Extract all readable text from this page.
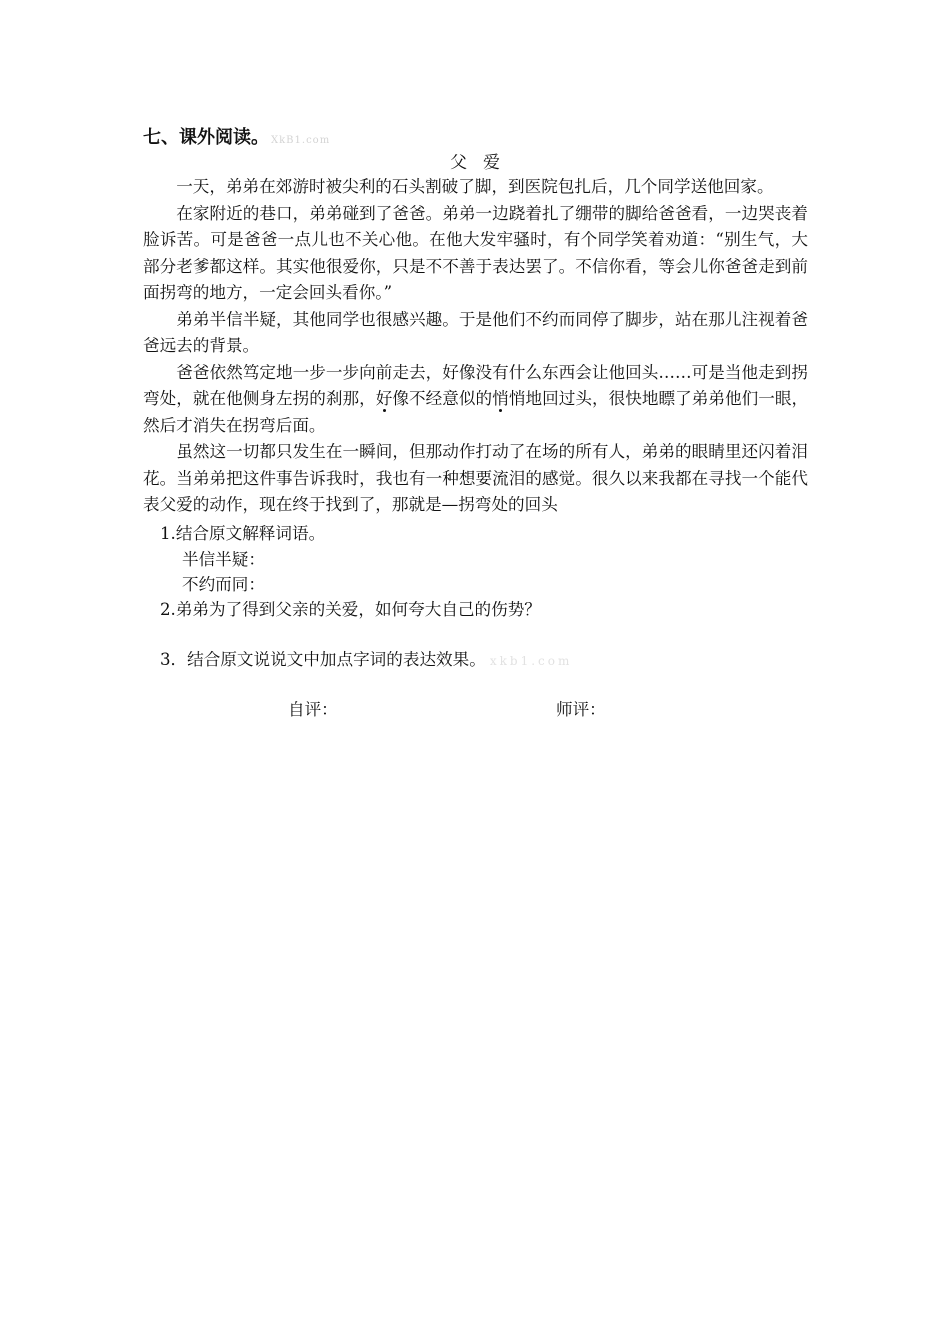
七、课外阅读。 XkB1.com
父爱

一天，弟弟在郊游时被尖利的石头割破了脚，到医院包扎后，几个同学送他回家。

在家附近的巷口，弟弟碰到了爸爸。弟弟一边跷着扎了绷带的脚给爸爸看，一边哭丧着脸诉苦。可是爸爸一点儿也不关心他。在他大发牢骚时，有个同学笑着劝道：“别生气，大部分老爹都这样。其实他很爱你，只是不不善于表达罢了。不信你看，等会儿你爸爸走到前面拐弯的地方，一定会回头看你。”

弟弟半信半疑，其他同学也很感兴趣。于是他们不约而同停了脚步，站在那儿注视着爸爸远去的背景。

爸爸依然笃定地一步一步向前走去，好像没有什么东西会让他回头……可是当他走到拐弯处，就在他侧身左拐的刹那，好像不经意似的悄悄地回过头，很快地瞟了弟弟他们一眼，然后才消失在拐弯后面。

虽然这一切都只发生在一瞬间，但那动作打动了在场的所有人，弟弟的眼睛里还闪着泪花。当弟弟把这件事告诉我时，我也有一种想要流泪的感觉。很久以来我都在寻找一个能代表父爱的动作，现在终于找到了，那就是—拐弯处的回头

1.结合原文解释词语。
半信半疑：
不约而同：
2.弟弟为了得到父亲的关爱，如何夸大自己的伤势？
3．结合原文说说文中加点字词的表达效果。 xkb1.com
自评：	师评：
